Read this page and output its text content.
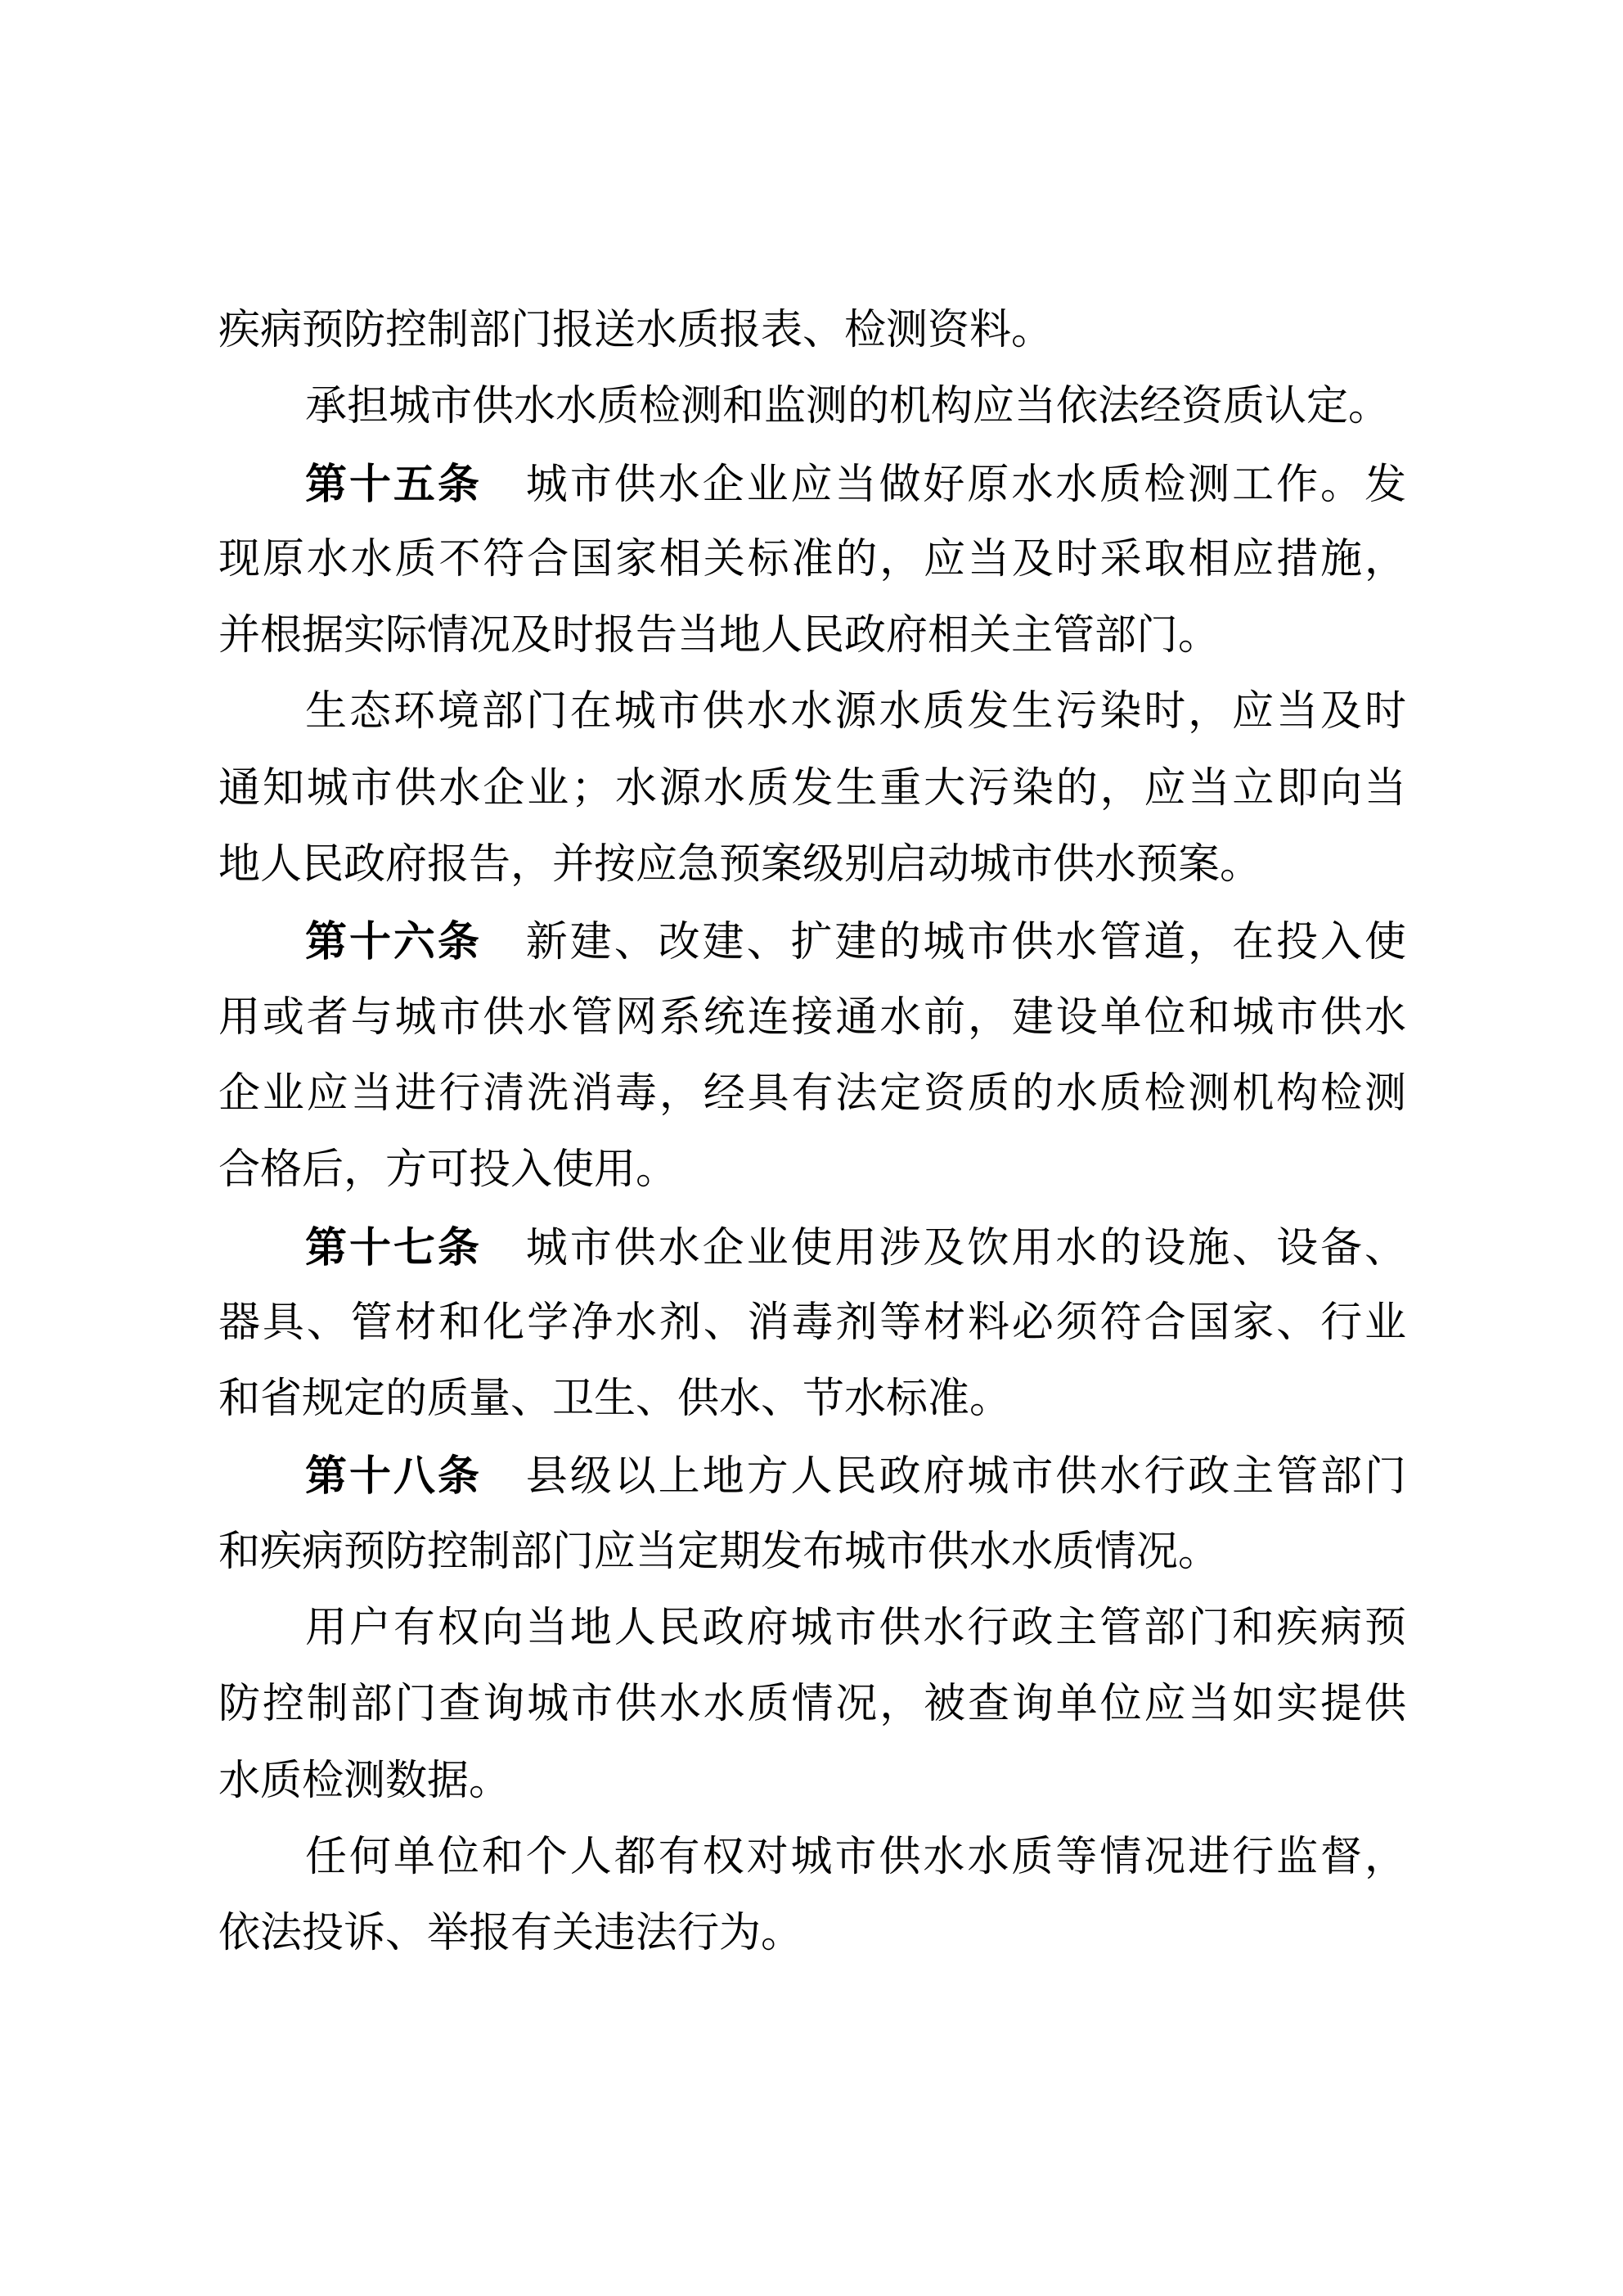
疾病预防控制部门报送水质报表、检测资料。

承担城市供水水质检测和监测的机构应当依法经资质认定。

第十五条　城市供水企业应当做好原水水质检测工作。发

现原水水质不符合国家相关标准的，应当及时采取相应措施，

并根据实际情况及时报告当地人民政府相关主管部门。

生态环境部门在城市供水水源水质发生污染时，应当及时

通知城市供水企业；水源水质发生重大污染的，应当立即向当

地人民政府报告，并按应急预案级别启动城市供水预案。

第十六条　新建、改建、扩建的城市供水管道，在投入使

用或者与城市供水管网系统连接通水前，建设单位和城市供水

企业应当进行清洗消毒，经具有法定资质的水质检测机构检测

合格后，方可投入使用。

第十七条　城市供水企业使用涉及饮用水的设施、设备、

器具、管材和化学净水剂、消毒剂等材料必须符合国家、行业

和省规定的质量、卫生、供水、节水标准。

第十八条　县级以上地方人民政府城市供水行政主管部门

和疾病预防控制部门应当定期发布城市供水水质情况。

用户有权向当地人民政府城市供水行政主管部门和疾病预

防控制部门查询城市供水水质情况，被查询单位应当如实提供

水质检测数据。

任何单位和个人都有权对城市供水水质等情况进行监督，

依法投诉、举报有关违法行为。
